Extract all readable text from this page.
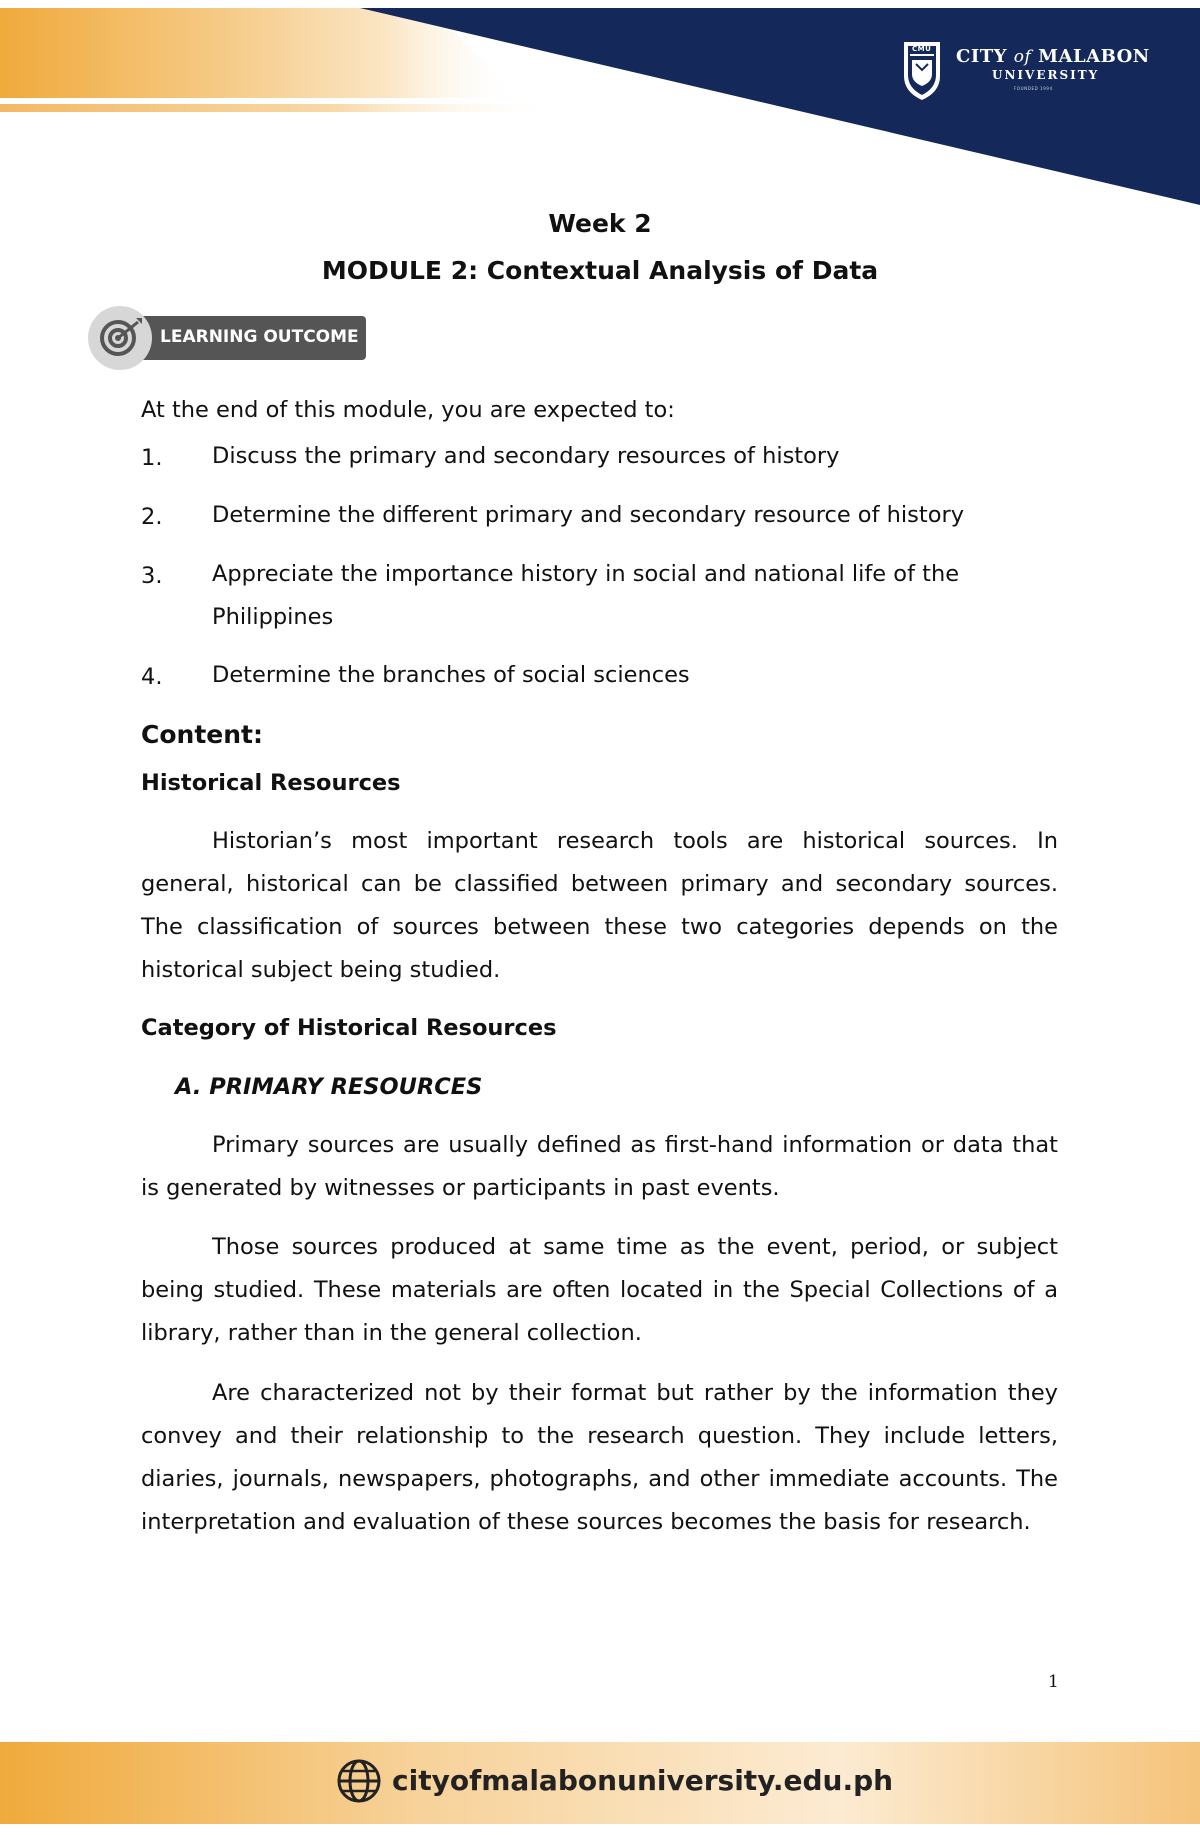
CMU CITY of MALABON
UNIVERSITY
FOUNDED 1994
Week 2
MODULE 2: Contextual Analysis of Data
LEARNING OUTCOME
At the end of this module, you are expected to:
1. Discuss the primary and secondary resources of history
2. Determine the different primary and secondary resource of history
3. Appreciate the importance history in social and national life of the Philippines
4. Determine the branches of social sciences
Content:
Historical Resources
Historian’s most important research tools are historical sources. In general, historical can be classified between primary and secondary sources. The classification of sources between these two categories depends on the historical subject being studied.
Category of Historical Resources
A. PRIMARY RESOURCES
Primary sources are usually defined as first-hand information or data that is generated by witnesses or participants in past events.
Those sources produced at same time as the event, period, or subject being studied. These materials are often located in the Special Collections of a library, rather than in the general collection.
Are characterized not by their format but rather by the information they convey and their relationship to the research question. They include letters, diaries, journals, newspapers, photographs, and other immediate accounts. The interpretation and evaluation of these sources becomes the basis for research.
1
cityofmalabonuniversity.edu.ph
